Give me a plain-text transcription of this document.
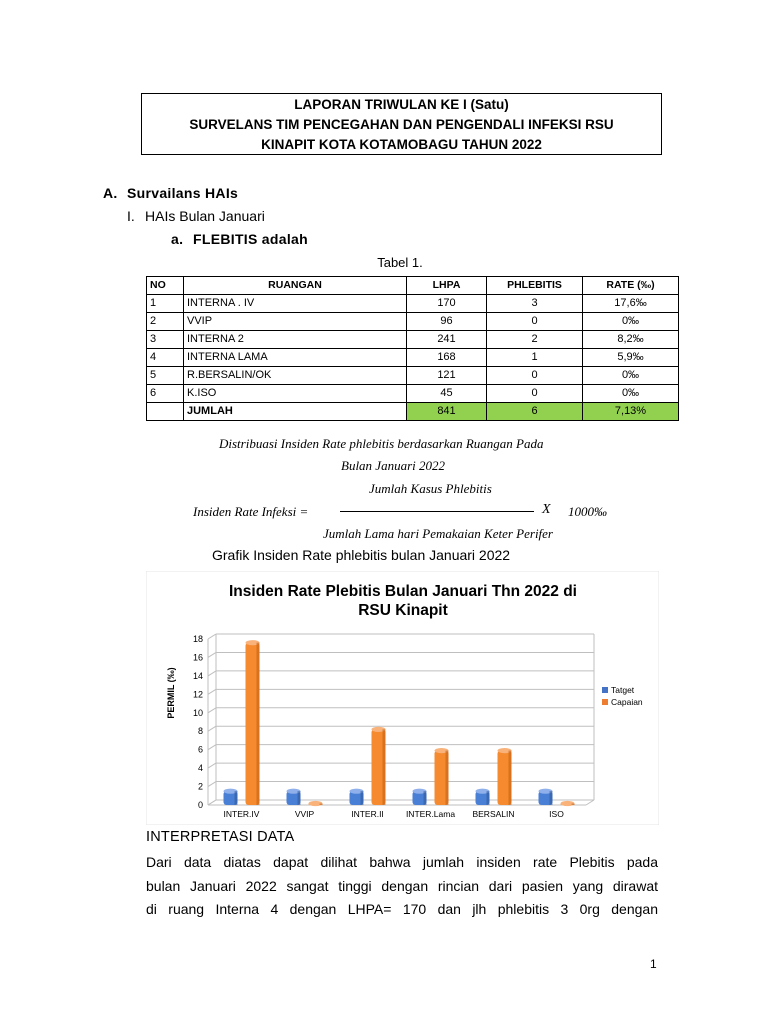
LAPORAN TRIWULAN KE I (Satu)
SURVELANS TIM PENCEGAHAN DAN PENGENDALI INFEKSI RSU
KINAPIT KOTA KOTAMOBAGU TAHUN 2022
A. Survailans HAIs
I. HAIs Bulan Januari
a. FLEBITIS adalah
Tabel 1.
NO	RUANGAN	LHPA	PHLEBITIS	RATE (‰)
1	INTERNA . IV	170	3	17,6‰
2	VVIP	96	0	0‰
3	INTERNA 2	241	2	8,2‰
4	INTERNA LAMA	168	1	5,9‰
5	R.BERSALIN/OK	121	0	0‰
6	K.ISO	45	0	0‰
	JUMLAH	841	6	7,13%
Distribuasi Insiden Rate phlebitis berdasarkan Ruangan Pada
Bulan Januari 2022
Jumlah Kasus Phlebitis
Insiden Rate Infeksi =	X 1000‰
Jumlah Lama hari Pemakaian Keter Perifer
Grafik Insiden Rate phlebitis bulan Januari 2022
Insiden Rate Plebitis Bulan Januari Thn 2022 di
RSU Kinapit
PERMIL (‰)
0
2
4
6
8
10
12
14
16
18
INTER.IV	VVIP	INTER.II	INTER.Lama BERSALIN	ISO
Tatget
Capaian
INTERPRETASI DATA
Dari data diatas dapat dilihat bahwa jumlah insiden rate Plebitis pada
bulan Januari 2022 sangat tinggi dengan rincian dari pasien yang dirawat
di ruang Interna 4 dengan LHPA= 170 dan jlh phlebitis 3 0rg dengan
1
